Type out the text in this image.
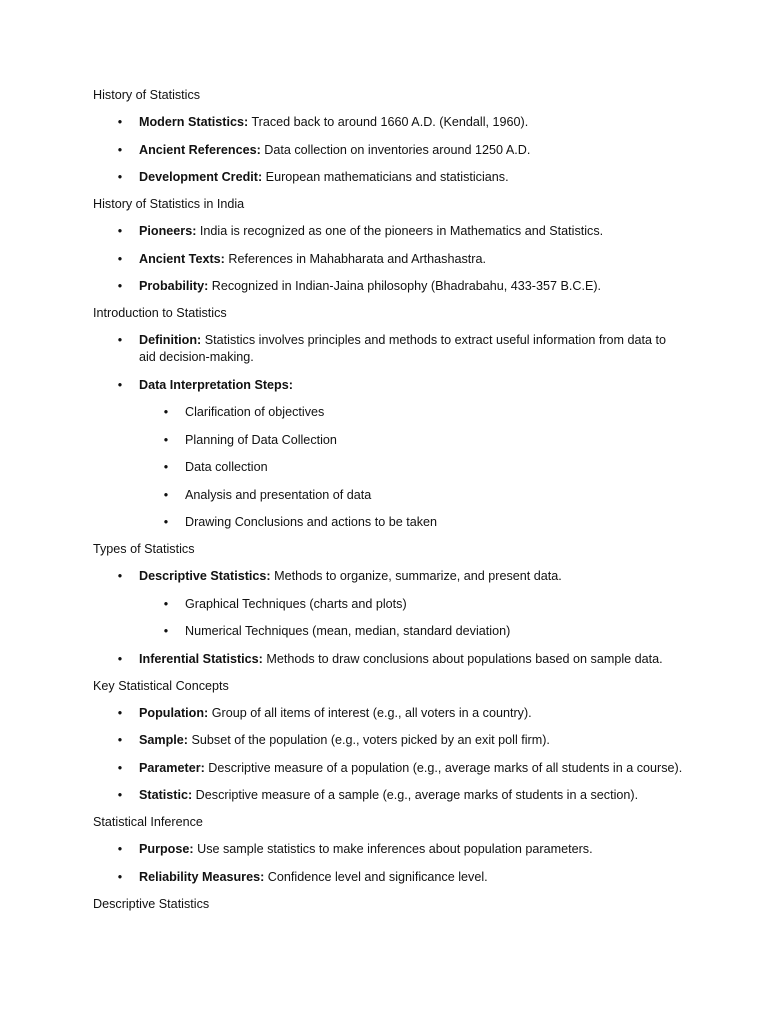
History of Statistics

• Modern Statistics: Traced back to around 1660 A.D. (Kendall, 1960).
• Ancient References: Data collection on inventories around 1250 A.D.
• Development Credit: European mathematicians and statisticians.

History of Statistics in India

• Pioneers: India is recognized as one of the pioneers in Mathematics and Statistics.
• Ancient Texts: References in Mahabharata and Arthashastra.
• Probability: Recognized in Indian-Jaina philosophy (Bhadrabahu, 433-357 B.C.E).

Introduction to Statistics

• Definition: Statistics involves principles and methods to extract useful information from data to aid decision-making.
• Data Interpretation Steps:
• Clarification of objectives
• Planning of Data Collection
• Data collection
• Analysis and presentation of data
• Drawing Conclusions and actions to be taken

Types of Statistics

• Descriptive Statistics: Methods to organize, summarize, and present data.
• Graphical Techniques (charts and plots)
• Numerical Techniques (mean, median, standard deviation)
• Inferential Statistics: Methods to draw conclusions about populations based on sample data.

Key Statistical Concepts

• Population: Group of all items of interest (e.g., all voters in a country).
• Sample: Subset of the population (e.g., voters picked by an exit poll firm).
• Parameter: Descriptive measure of a population (e.g., average marks of all students in a course).
• Statistic: Descriptive measure of a sample (e.g., average marks of students in a section).

Statistical Inference

• Purpose: Use sample statistics to make inferences about population parameters.
• Reliability Measures: Confidence level and significance level.

Descriptive Statistics
